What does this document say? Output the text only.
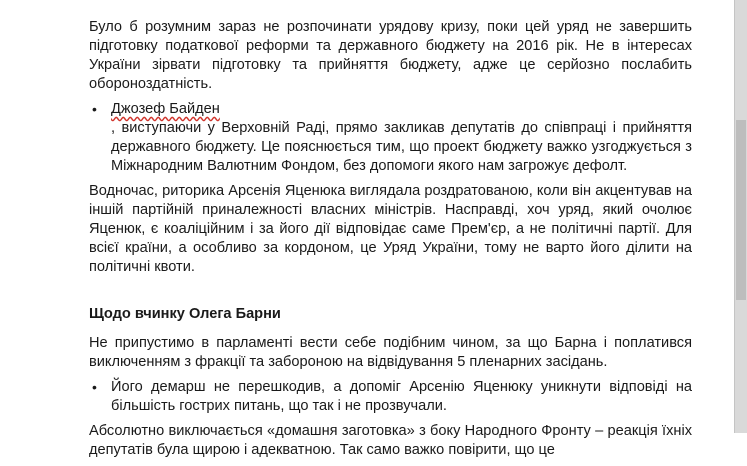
Було б розумним зараз не розпочинати урядову кризу, поки цей уряд не завершить підготовку податкової реформи та державного бюджету на 2016 рік. Не в інтересах України зірвати підготовку та прийняття бюджету, адже це серйозно послабить обороноздатність.

• Джозеф Байден
, виступаючи у Верховній Раді, прямо закликав депутатів до співпраці і прийняття державного бюджету. Це пояснюється тим, що проект бюджету важко узгоджується з Міжнародним Валютним Фондом, без допомоги якого нам загрожує дефолт.

Водночас, риторика Арсенія Яценюка виглядала роздратованою, коли він акцентував на іншій партійній приналежності власних міністрів. Насправді, хоч уряд, який очолює Яценюк, є коаліційним і за його дії відповідає саме Прем'єр, а не політичні партії. Для всієї країни, а особливо за кордоном, це Уряд України, тому не варто його ділити на політичні квоти.

Щодо вчинку Олега Барни

Не припустимо в парламенті вести себе подібним чином, за що Барна і поплатився виключенням з фракції та забороною на відвідування 5 пленарних засідань.

• Його демарш не перешкодив, а допоміг Арсенію Яценюку уникнути відповіді на більшість гострих питань, що так і не прозвучали.

Абсолютно виключається «домашня заготовка» з боку Народного Фронту – реакція їхніх депутатів була щирою і адекватною. Так само важко повірити, що це
